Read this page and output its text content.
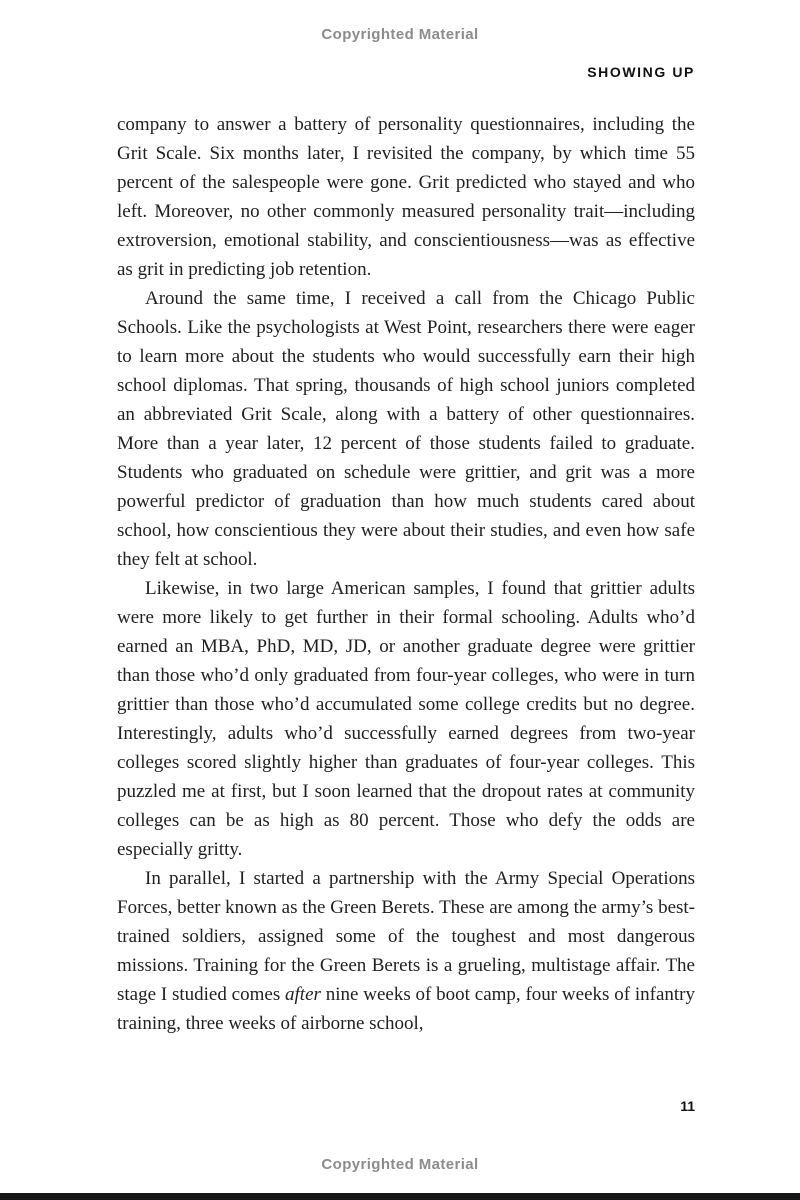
Copyrighted Material
SHOWING UP

company to answer a battery of personality questionnaires, including the Grit Scale. Six months later, I revisited the company, by which time 55 percent of the salespeople were gone. Grit predicted who stayed and who left. Moreover, no other commonly measured personality trait—including extroversion, emotional stability, and conscientiousness—was as effective as grit in predicting job retention.

Around the same time, I received a call from the Chicago Public Schools. Like the psychologists at West Point, researchers there were eager to learn more about the students who would successfully earn their high school diplomas. That spring, thousands of high school juniors completed an abbreviated Grit Scale, along with a battery of other questionnaires. More than a year later, 12 percent of those students failed to graduate. Students who graduated on schedule were grittier, and grit was a more powerful predictor of graduation than how much students cared about school, how conscientious they were about their studies, and even how safe they felt at school.

Likewise, in two large American samples, I found that grittier adults were more likely to get further in their formal schooling. Adults who’d earned an MBA, PhD, MD, JD, or another graduate degree were grittier than those who’d only graduated from four-year colleges, who were in turn grittier than those who’d accumulated some college credits but no degree. Interestingly, adults who’d successfully earned degrees from two-year colleges scored slightly higher than graduates of four-year colleges. This puzzled me at first, but I soon learned that the dropout rates at community colleges can be as high as 80 percent. Those who defy the odds are especially gritty.

In parallel, I started a partnership with the Army Special Operations Forces, better known as the Green Berets. These are among the army’s best-trained soldiers, assigned some of the toughest and most dangerous missions. Training for the Green Berets is a grueling, multistage affair. The stage I studied comes after nine weeks of boot camp, four weeks of infantry training, three weeks of airborne school,

11
Copyrighted Material
